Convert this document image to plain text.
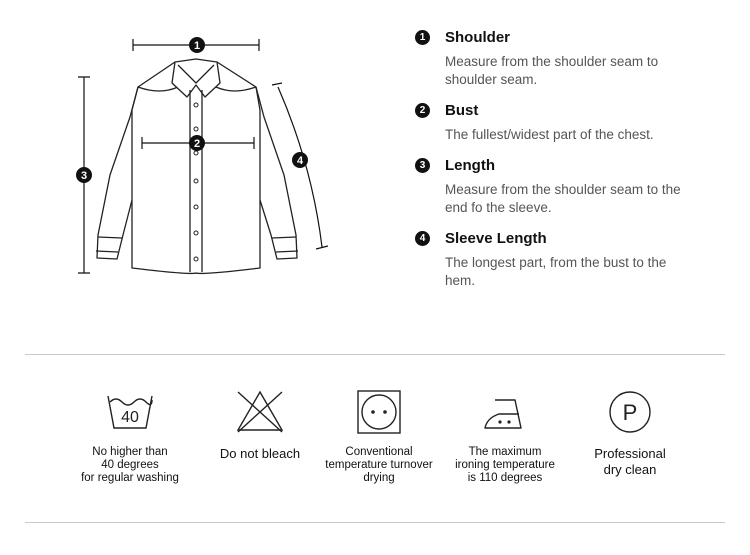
1
2
3
4
1	Shoulder
Measure from the shoulder seam to shoulder seam.
2	Bust
The fullest/widest part of the chest.
3	Length
Measure from the shoulder seam to the end fo the sleeve.
4	Sleeve Length
The longest part, from the bust to the hem.
40
No higher than
40 degrees
for regular washing
Do not bleach	Conventional
temperature turnover
drying
The maximum
ironing temperature
is 110 degrees
P
Professional
dry clean
